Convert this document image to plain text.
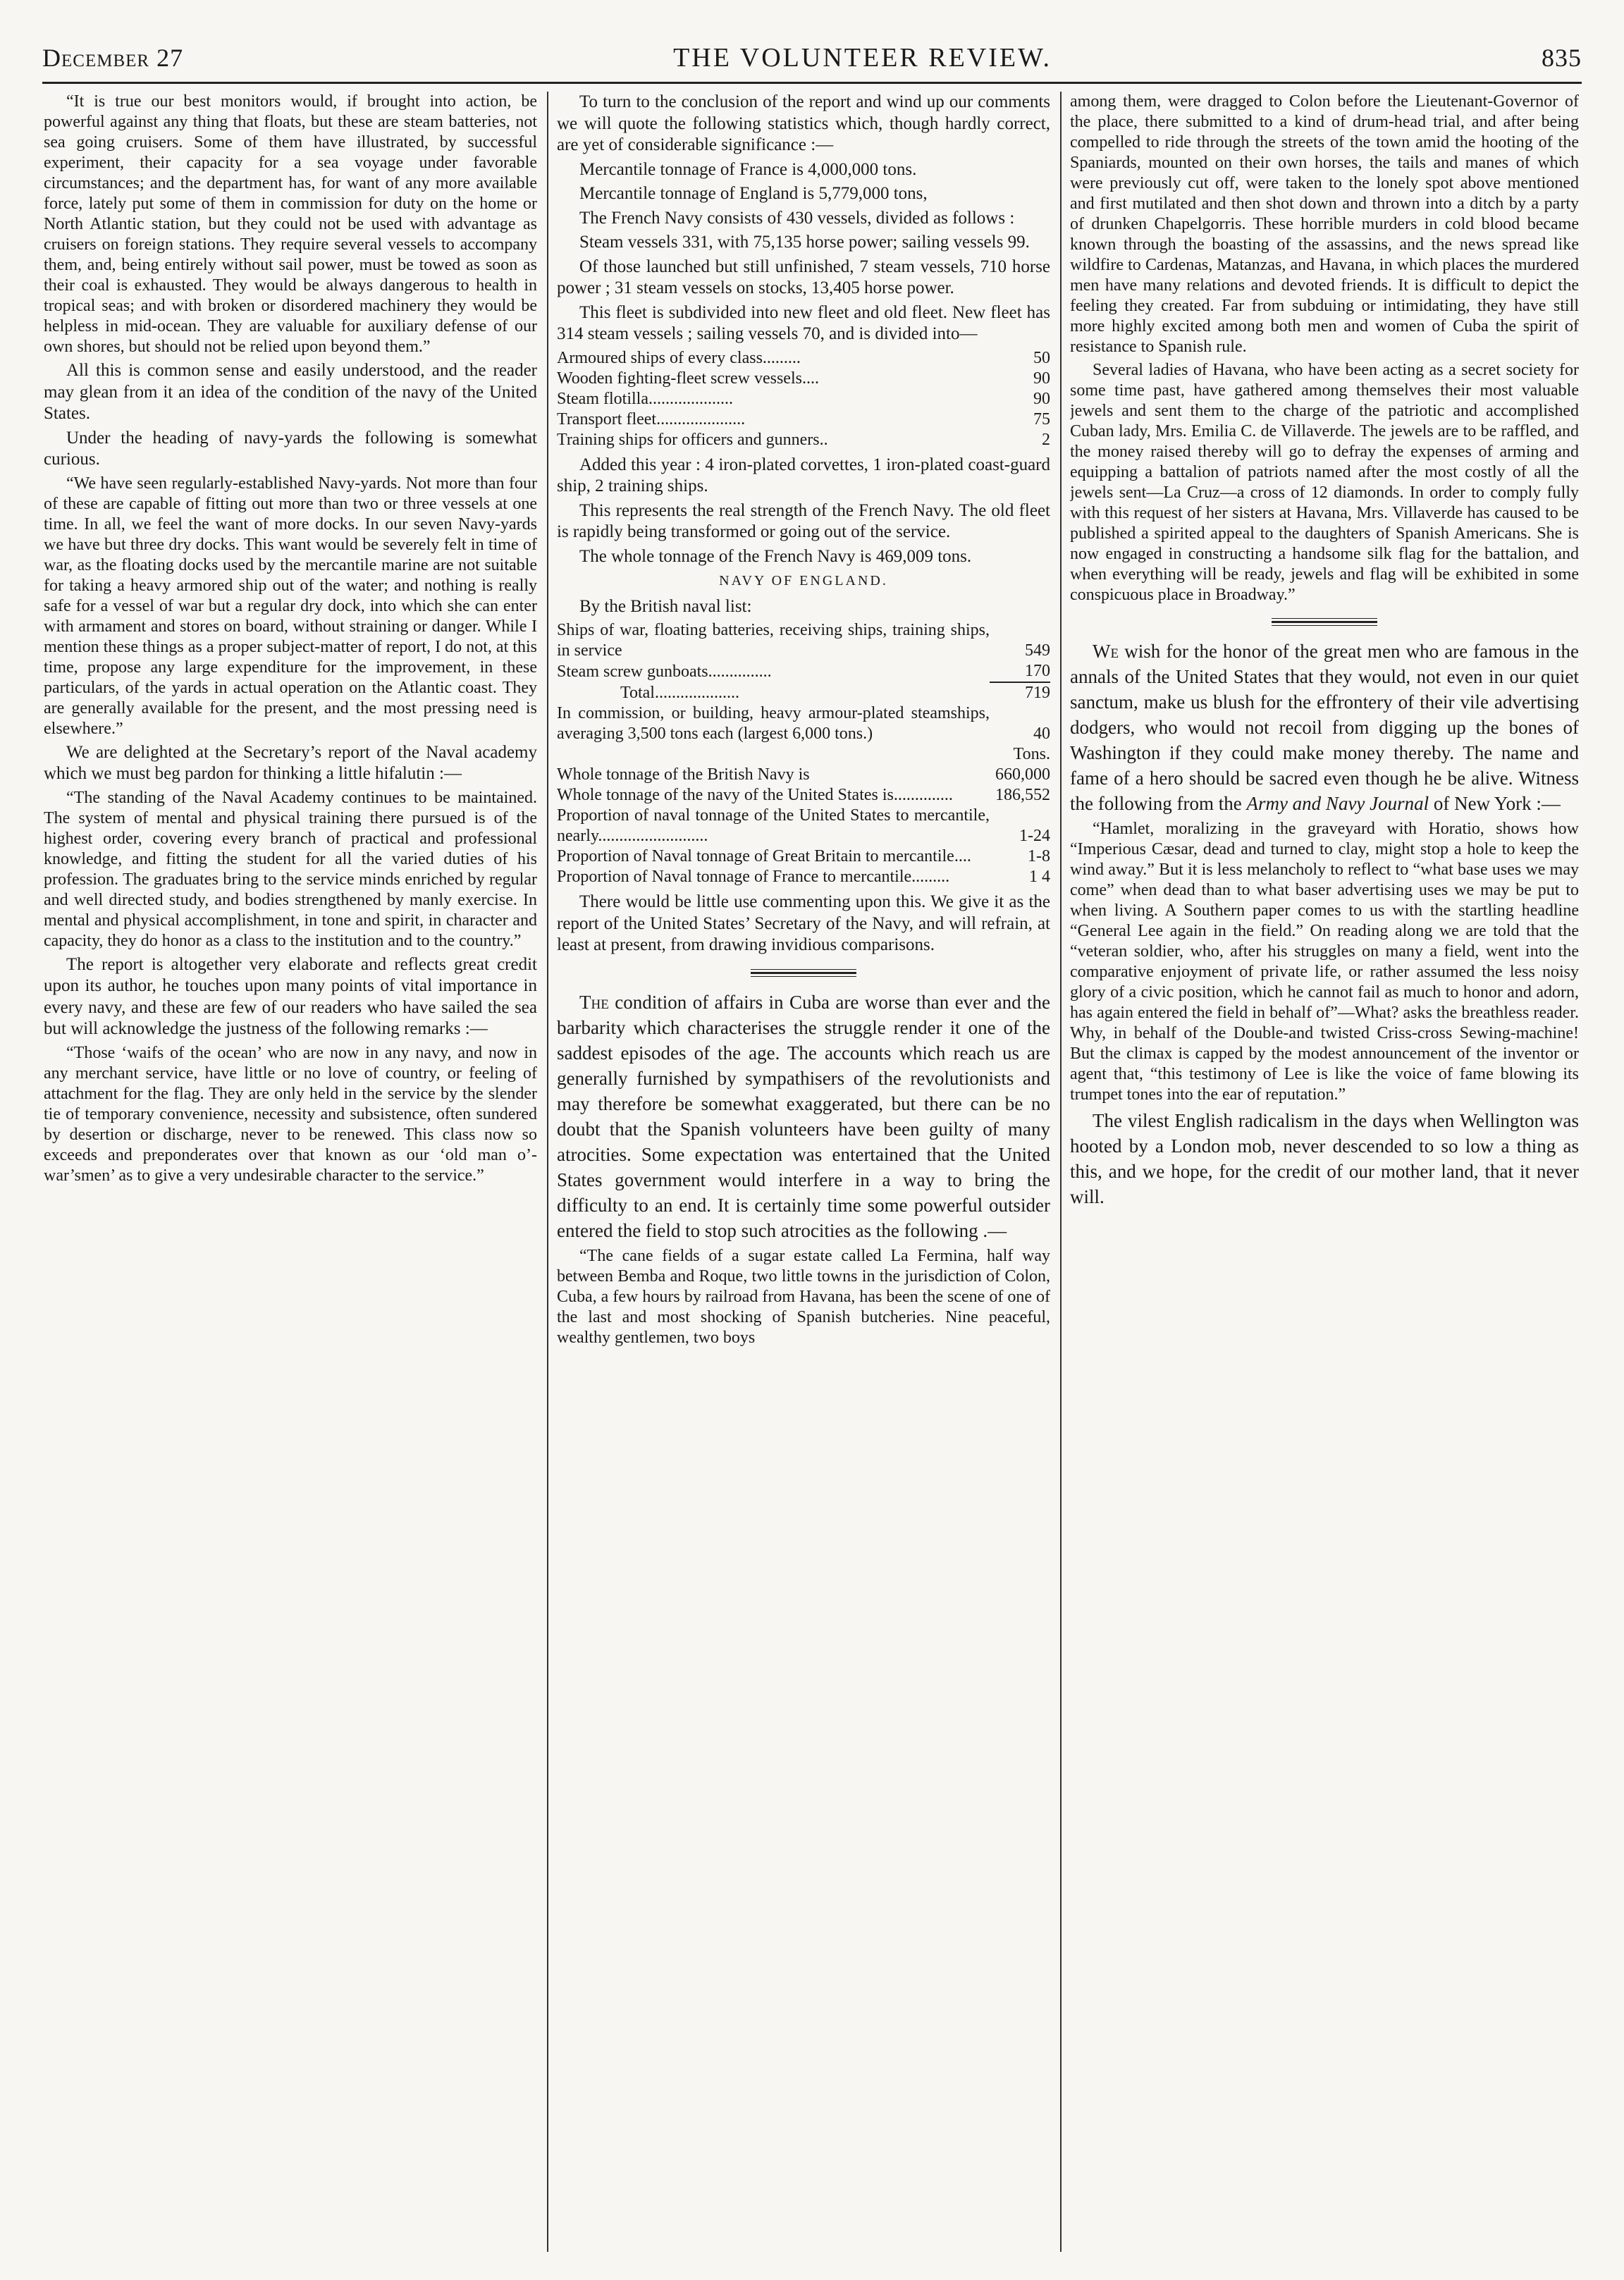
December 27	THE VOLUNTEER REVIEW.	835

“It is true our best monitors would, if brought into action, be powerful against any thing that floats, but these are steam batteries, not sea going cruisers. Some of them have illustrated, by successful experiment, their capacity for a sea voyage under favorable circumstances; and the department has, for want of any more available force, lately put some of them in commission for duty on the home or North Atlantic station, but they could not be used with advantage as cruisers on foreign stations. They require several vessels to accompany them, and, being entirely without sail power, must be towed as soon as their coal is exhausted. They would be always dangerous to health in tropical seas; and with broken or disordered machinery they would be helpless in mid-ocean. They are valuable for auxiliary defense of our own shores, but should not be relied upon beyond them.”

All this is common sense and easily understood, and the reader may glean from it an idea of the condition of the navy of the United States.

Under the heading of navy-yards the following is somewhat curious.

“We have seen regularly-established Navy-yards. Not more than four of these are capable of fitting out more than two or three vessels at one time. In all, we feel the want of more docks. In our seven Navy-yards we have but three dry docks. This want would be severely felt in time of war, as the floating docks used by the mercantile marine are not suitable for taking a heavy armored ship out of the water; and nothing is really safe for a vessel of war but a regular dry dock, into which she can enter with armament and stores on board, without straining or danger. While I mention these things as a proper subject-matter of report, I do not, at this time, propose any large expenditure for the improvement, in these particulars, of the yards in actual operation on the Atlantic coast. They are generally available for the present, and the most pressing need is elsewhere.”

We are delighted at the Secretary’s report of the Naval academy which we must beg pardon for thinking a little hifalutin :—

“The standing of the Naval Academy continues to be maintained. The system of mental and physical training there pursued is of the highest order, covering every branch of practical and professional knowledge, and fitting the student for all the varied duties of his profession. The graduates bring to the service minds enriched by regular and well directed study, and bodies strengthened by manly exercise. In mental and physical accomplishment, in tone and spirit, in character and capacity, they do honor as a class to the institution and to the country.”

The report is altogether very elaborate and reflects great credit upon its author, he touches upon many points of vital importance in every navy, and these are few of our readers who have sailed the sea but will acknowledge the justness of the following remarks :—

“Those ‘waifs of the ocean’ who are now in any navy, and now in any merchant service, have little or no love of country, or feeling of attachment for the flag. They are only held in the service by the slender tie of temporary convenience, necessity and subsistence, often sundered by desertion or discharge, never to be renewed. This class now so exceeds and preponderates over that known as our ‘old man o’-war’smen’ as to give a very undesirable character to the service.”

To turn to the conclusion of the report and wind up our comments we will quote the following statistics which, though hardly correct, are yet of considerable significance :—

Mercantile tonnage of France is 4,000,000 tons.

Mercantile tonnage of England is 5,779,000 tons,

The French Navy consists of 430 vessels, divided as follows :

Steam vessels 331, with 75,135 horse power; sailing vessels 99.

Of those launched but still unfinished, 7 steam vessels, 710 horse power ; 31 steam vessels on stocks, 13,405 horse power.

This fleet is subdivided into new fleet and old fleet. New fleet has 314 steam vessels ; sailing vessels 70, and is divided into—

Armoured ships of every class.........	50
Wooden fighting-fleet screw vessels....	90
Steam flotilla....................	90
Transport fleet.....................	75
Training ships for officers and gunners..	2

Added this year : 4 iron-plated corvettes, 1 iron-plated coast-guard ship, 2 training ships.

This represents the real strength of the French Navy. The old fleet is rapidly being transformed or going out of the service.

The whole tonnage of the French Navy is 469,009 tons.

NAVY OF ENGLAND.

By the British naval list:

Ships of war, floating batteries, receiving ships, training ships, in service	549
Steam screw gunboats...............	170
Total....................	719
In commission, or building, heavy armour-plated steamships, averaging 3,500 tons each (largest 6,000 tons.)	40
	Tons.
Whole tonnage of the British Navy is	660,000
Whole tonnage of the navy of the United States is..............	186,552
Proportion of naval tonnage of the United States to mercantile, nearly..........................	1-24
Proportion of Naval tonnage of Great Britain to mercantile....	1-8
Proportion of Naval tonnage of France to mercantile.........	1 4

There would be little use commenting upon this. We give it as the report of the United States’ Secretary of the Navy, and will refrain, at least at present, from drawing invidious comparisons.

The condition of affairs in Cuba are worse than ever and the barbarity which characterises the struggle render it one of the saddest episodes of the age. The accounts which reach us are generally furnished by sympathisers of the revolutionists and may therefore be somewhat exaggerated, but there can be no doubt that the Spanish volunteers have been guilty of many atrocities. Some expectation was entertained that the United States government would interfere in a way to bring the difficulty to an end. It is certainly time some powerful outsider entered the field to stop such atrocities as the following .—

“The cane fields of a sugar estate called La Fermina, half way between Bemba and Roque, two little towns in the jurisdiction of Colon, Cuba, a few hours by railroad from Havana, has been the scene of one of the last and most shocking of Spanish butcheries. Nine peaceful, wealthy gentlemen, two boys

among them, were dragged to Colon before the Lieutenant-Governor of the place, there submitted to a kind of drum-head trial, and after being compelled to ride through the streets of the town amid the hooting of the Spaniards, mounted on their own horses, the tails and manes of which were previously cut off, were taken to the lonely spot above mentioned and first mutilated and then shot down and thrown into a ditch by a party of drunken Chapelgorris. These horrible murders in cold blood became known through the boasting of the assassins, and the news spread like wildfire to Cardenas, Matanzas, and Havana, in which places the murdered men have many relations and devoted friends. It is difficult to depict the feeling they created. Far from subduing or intimidating, they have still more highly excited among both men and women of Cuba the spirit of resistance to Spanish rule.

Several ladies of Havana, who have been acting as a secret society for some time past, have gathered among themselves their most valuable jewels and sent them to the charge of the patriotic and accomplished Cuban lady, Mrs. Emilia C. de Villaverde. The jewels are to be raffled, and the money raised thereby will go to defray the expenses of arming and equipping a battalion of patriots named after the most costly of all the jewels sent—La Cruz—a cross of 12 diamonds. In order to comply fully with this request of her sisters at Havana, Mrs. Villaverde has caused to be published a spirited appeal to the daughters of Spanish Americans. She is now engaged in constructing a handsome silk flag for the battalion, and when everything will be ready, jewels and flag will be exhibited in some conspicuous place in Broadway.”

We wish for the honor of the great men who are famous in the annals of the United States that they would, not even in our quiet sanctum, make us blush for the effrontery of their vile advertising dodgers, who would not recoil from digging up the bones of Washington if they could make money thereby. The name and fame of a hero should be sacred even though he be alive. Witness the following from the Army and Navy Journal of New York :—

“Hamlet, moralizing in the graveyard with Horatio, shows how “Imperious Cæsar, dead and turned to clay, might stop a hole to keep the wind away.” But it is less melancholy to reflect to “what base uses we may come” when dead than to what baser advertising uses we may be put to when living. A Southern paper comes to us with the startling headline “General Lee again in the field.” On reading along we are told that the “veteran soldier, who, after his struggles on many a field, went into the comparative enjoyment of private life, or rather assumed the less noisy glory of a civic position, which he cannot fail as much to honor and adorn, has again entered the field in behalf of”—What? asks the breathless reader. Why, in behalf of the Double-and twisted Criss-cross Sewing-machine! But the climax is capped by the modest announcement of the inventor or agent that, “this testimony of Lee is like the voice of fame blowing its trumpet tones into the ear of reputation.”

The vilest English radicalism in the days when Wellington was hooted by a London mob, never descended to so low a thing as this, and we hope, for the credit of our mother land, that it never will.
